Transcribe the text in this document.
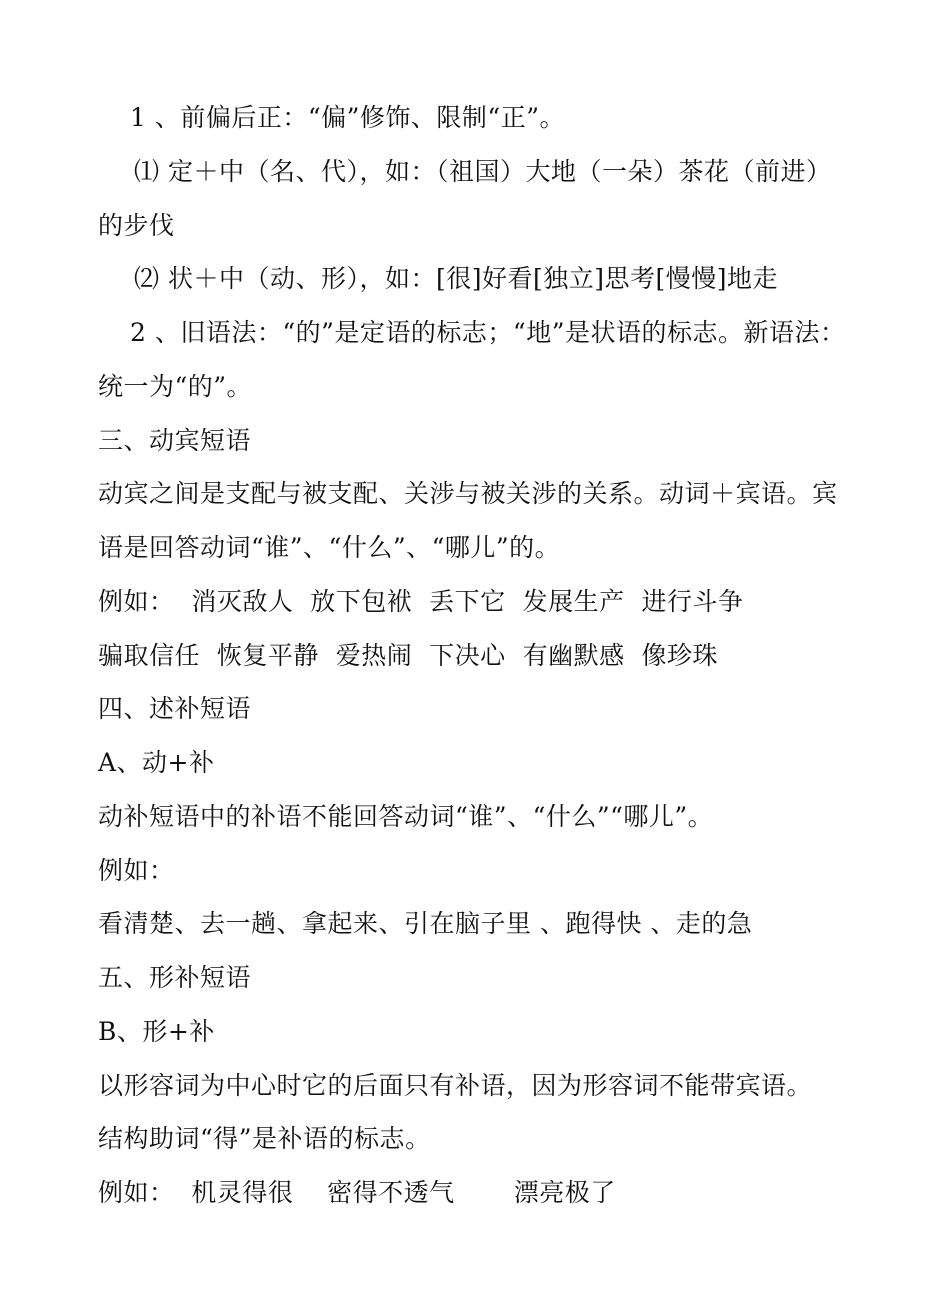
1 、前偏后正：“偏”修饰、限制“正”。
⑴ 定＋中（名、代），如：（祖国）大地（一朵）茶花（前进）
的步伐
⑵ 状＋中（动、形），如：[很]好看[独立]思考[慢慢]地走
2 、旧语法：“的”是定语的标志；“地”是状语的标志。新语法：
统一为“的”。
三、动宾短语
动宾之间是支配与被支配、关涉与被关涉的关系。动词＋宾语。宾
语是回答动词“谁”、“什么”、“哪儿”的。
例如：  消灭敌人  放下包袱  丢下它  发展生产  进行斗争
骗取信任  恢复平静  爱热闹  下决心  有幽默感  像珍珠
四、述补短语
A、动+补
动补短语中的补语不能回答动词“谁”、“什么”“哪儿”。
例如：
看清楚、去一趟、拿起来、引在脑子里 、跑得快 、走的急
五、形补短语
B、形+补
以形容词为中心时它的后面只有补语，因为形容词不能带宾语。
结构助词“得”是补语的标志。
例如：  机灵得很    密得不透气       漂亮极了
